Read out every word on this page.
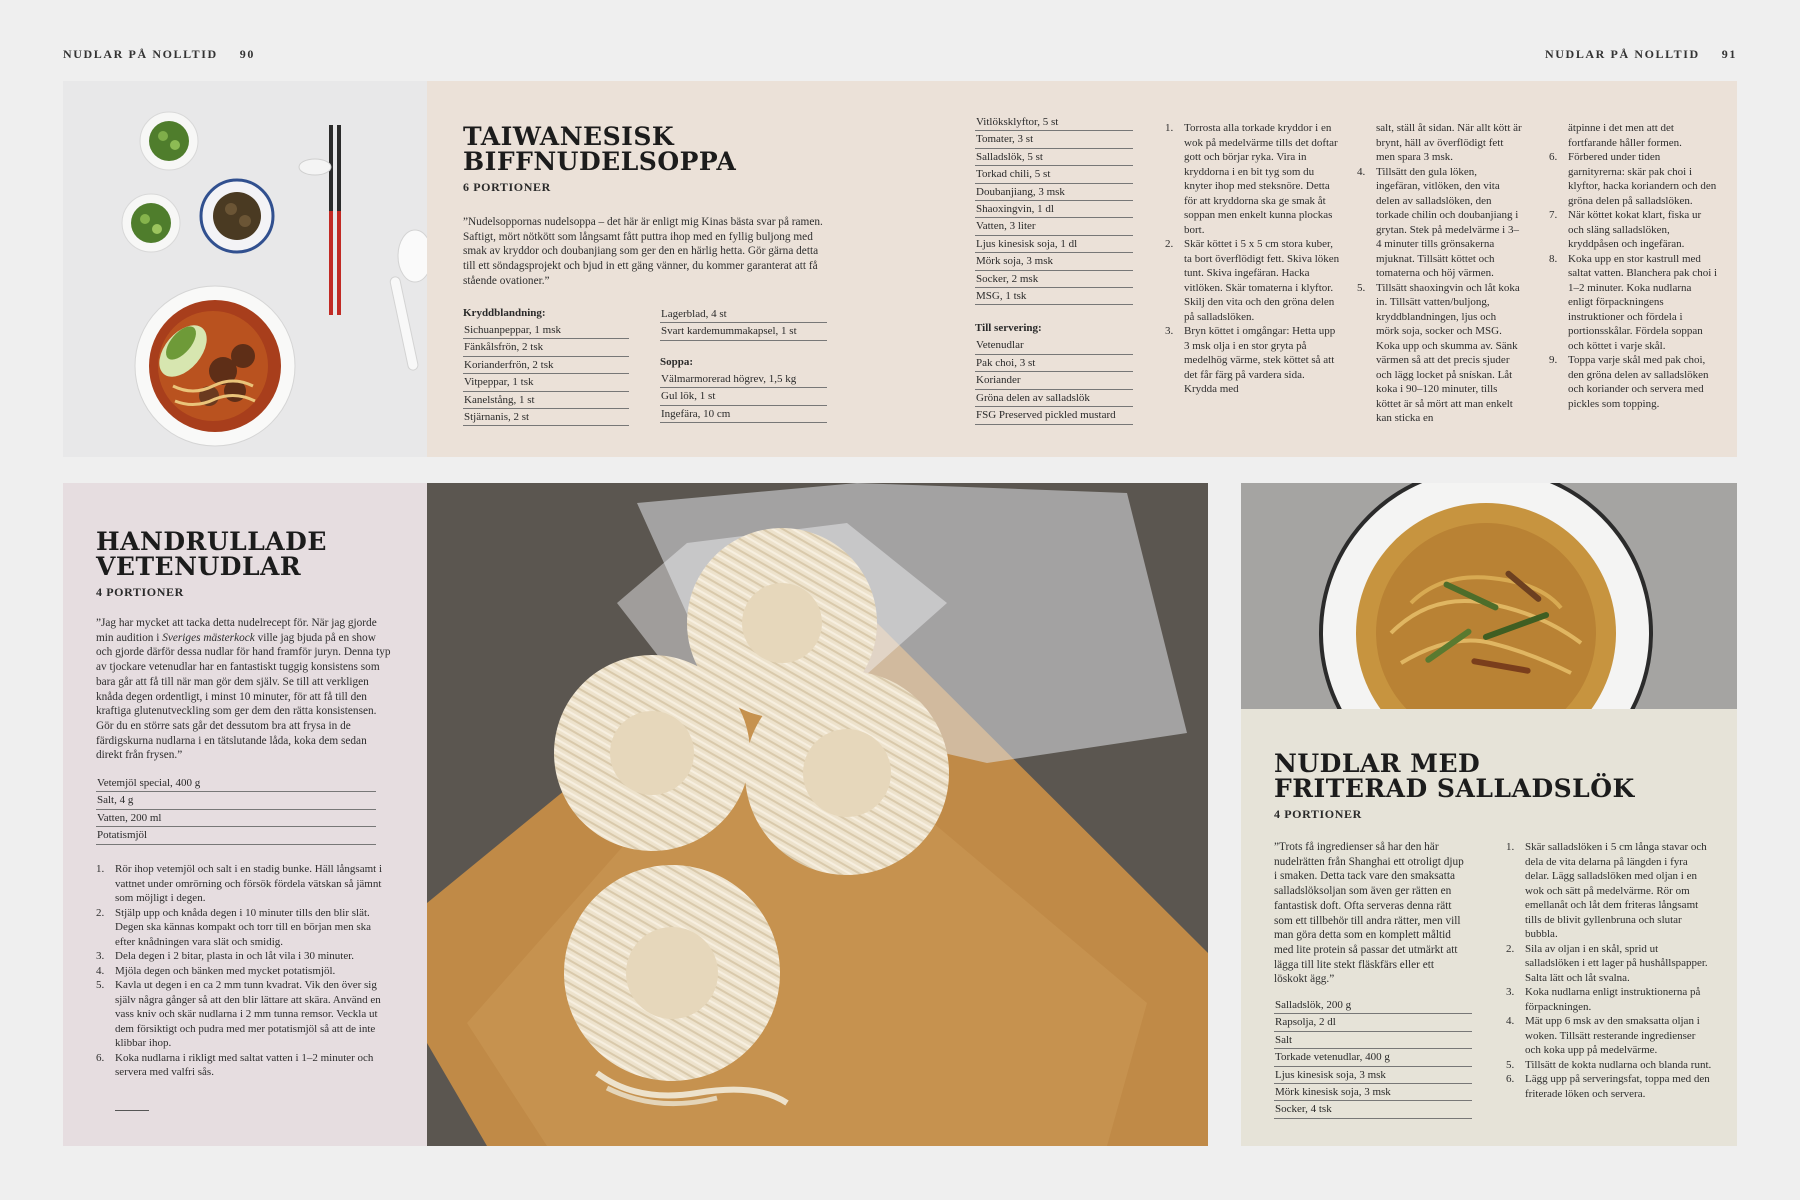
NUDLAR PÅ NOLLTID 90	NUDLAR PÅ NOLLTID 91
TAIWANESISK
BIFFNUDELSOPPA
6 PORTIONER

”Nudelsoppornas nudelsoppa – det här är enligt mig Kinas bästa svar på ramen. Saftigt, mört nötkött som långsamt fått puttra ihop med en fyllig buljong med smak av kryddor och doubanjiang som ger den en härlig hetta. Gör gärna detta till ett söndagsprojekt och bjud in ett gäng vänner, du kommer garanterat att få stående ovationer.”

Kryddblandning:
Sichuanpeppar, 1 msk
Fänkålsfrön, 2 tsk
Korianderfrön, 2 tsk
Vitpeppar, 1 tsk
Kanelstång, 1 st
Stjärnanis, 2 st
Lagerblad, 4 st
Svart kardemummakapsel, 1 st
Soppa:
Välmarmorerad högrev, 1,5 kg
Gul lök, 1 st
Ingefära, 10 cm
Vitlöksklyftor, 5 st
Tomater, 3 st
Salladslök, 5 st
Torkad chili, 5 st
Doubanjiang, 3 msk
Shaoxingvin, 1 dl
Vatten, 3 liter
Ljus kinesisk soja, 1 dl
Mörk soja, 3 msk
Socker, 2 msk
MSG, 1 tsk
Till servering:
Vetenudlar
Pak choi, 3 st
Koriander
Gröna delen av salladslök
FSG Preserved pickled mustard
1. Torrosta alla torkade kryddor i en wok på medelvärme tills det doftar gott och börjar ryka. Vira in kryddorna i en bit tyg som du knyter ihop med steksnöre. Detta för att kryddorna ska ge smak åt soppan men enkelt kunna plockas bort.
2. Skär köttet i 5 x 5 cm stora kuber, ta bort överflödigt fett. Skiva löken tunt. Skiva ingefäran. Hacka vitlöken. Skär tomaterna i klyftor. Skilj den vita och den gröna delen på salladslöken.
3. Bryn köttet i omgångar: Hetta upp 3 msk olja i en stor gryta på medelhög värme, stek köttet så att det får färg på vardera sida. Krydda med

salt, ställ åt sidan. När allt kött är brynt, häll av överflödigt fett men spara 3 msk.

4. Tillsätt den gula löken, ingefäran, vitlöken, den vita delen av salladslöken, den torkade chilin och doubanjiang i grytan. Stek på medelvärme i 3–4 minuter tills grönsakerna mjuknat. Tillsätt köttet och tomaterna och höj värmen.
5. Tillsätt shaoxingvin och låt koka in. Tillsätt vatten/buljong, kryddblandningen, ljus och mörk soja, socker och MSG. Koka upp och skumma av. Sänk värmen så att det precis sjuder och lägg locket på snískan. Låt koka i 90–120 minuter, tills köttet är så mört att man enkelt kan sticka en

ätpinne i det men att det fortfarande håller formen.

6. Förbered under tiden garnityrerna: skär pak choi i klyftor, hacka koriandern och den gröna delen på salladslöken.
7. När köttet kokat klart, fiska ur och släng salladslöken, kryddpåsen och ingefäran.
8. Koka upp en stor kastrull med saltat vatten. Blanchera pak choi i 1–2 minuter. Koka nudlarna enligt förpackningens instruktioner och fördela i portionsskålar. Fördela soppan och köttet i varje skål.
9. Toppa varje skål med pak choi, den gröna delen av salladslöken och koriander och servera med pickles som topping.
HANDRULLADE
VETENUDLAR
4 PORTIONER

”Jag har mycket att tacka detta nudelrecept för. När jag gjorde min audition i Sveriges mästerkock ville jag bjuda på en show och gjorde därför dessa nudlar för hand framför juryn. Denna typ av tjockare vetenudlar har en fantastiskt tuggig konsistens som bara går att få till när man gör dem själv. Se till att verkligen knåda degen ordentligt, i minst 10 minuter, för att få till den kraftiga glutenutveckling som ger dem den rätta konsistensen. Gör du en större sats går det dessutom bra att frysa in de färdigskurna nudlarna i en tätslutande låda, koka dem sedan direkt från frysen.”

Vetemjöl special, 400 g
Salt, 4 g
Vatten, 200 ml
Potatismjöl
1. Rör ihop vetemjöl och salt i en stadig bunke. Häll långsamt i vattnet under omrörning och försök fördela vätskan så jämnt som möjligt i degen.
2. Stjälp upp och knåda degen i 10 minuter tills den blir slät. Degen ska kännas kompakt och torr till en början men ska efter knådningen vara slät och smidig.
3. Dela degen i 2 bitar, plasta in och låt vila i 30 minuter.
4. Mjöla degen och bänken med mycket potatismjöl.
5. Kavla ut degen i en ca 2 mm tunn kvadrat. Vik den över sig själv några gånger så att den blir lättare att skära. Använd en vass kniv och skär nudlarna i 2 mm tunna remsor. Veckla ut dem försiktigt och pudra med mer potatismjöl så att de inte klibbar ihop.
6. Koka nudlarna i rikligt med saltat vatten i 1–2 minuter och servera med valfri sås.
NUDLAR MED
FRITERAD SALLADSLÖK
4 PORTIONER

”Trots få ingredienser så har den här nudelrätten från Shanghai ett otroligt djup i smaken. Detta tack vare den smaksatta salladslöksoljan som även ger rätten en fantastisk doft. Ofta serveras denna rätt som ett tillbehör till andra rätter, men vill man göra detta som en komplett måltid med lite protein så passar det utmärkt att lägga till lite stekt fläskfärs eller ett löskokt ägg.”

Salladslök, 200 g
Rapsolja, 2 dl
Salt
Torkade vetenudlar, 400 g
Ljus kinesisk soja, 3 msk
Mörk kinesisk soja, 3 msk
Socker, 4 tsk
1. Skär salladslöken i 5 cm långa stavar och dela de vita delarna på längden i fyra delar. Lägg salladslöken med oljan i en wok och sätt på medelvärme. Rör om emellanåt och låt dem friteras långsamt tills de blivit gyllenbruna och slutar bubbla.
2. Sila av oljan i en skål, sprid ut salladslöken i ett lager på hushållspapper. Salta lätt och låt svalna.
3. Koka nudlarna enligt instruktionerna på förpackningen.
4. Mät upp 6 msk av den smaksatta oljan i woken. Tillsätt resterande ingredienser och koka upp på medelvärme.
5. Tillsätt de kokta nudlarna och blanda runt.
6. Lägg upp på serveringsfat, toppa med den friterade löken och servera.
